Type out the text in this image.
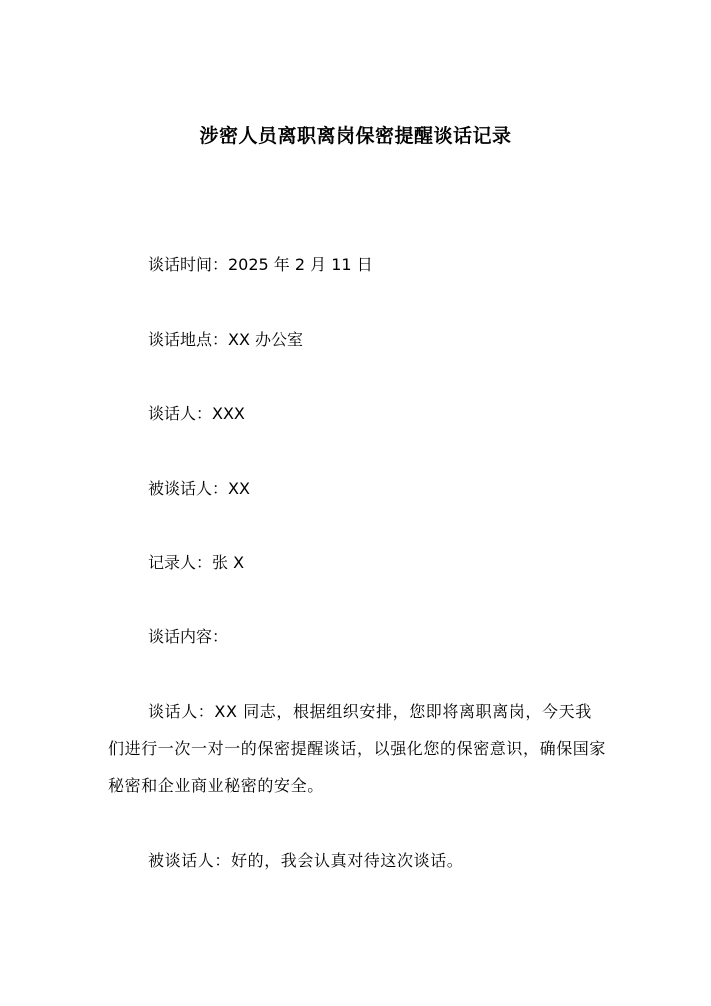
涉密人员离职离岗保密提醒谈话记录
谈话时间：2025 年 2 月 11 日
谈话地点：XX 办公室
谈话人：XXX
被谈话人：XX
记录人：张 X
谈话内容：
谈话人：XX 同志，根据组织安排，您即将离职离岗，今天我们进行一次一对一的保密提醒谈话，以强化您的保密意识，确保国家秘密和企业商业秘密的安全。
被谈话人：好的，我会认真对待这次谈话。
